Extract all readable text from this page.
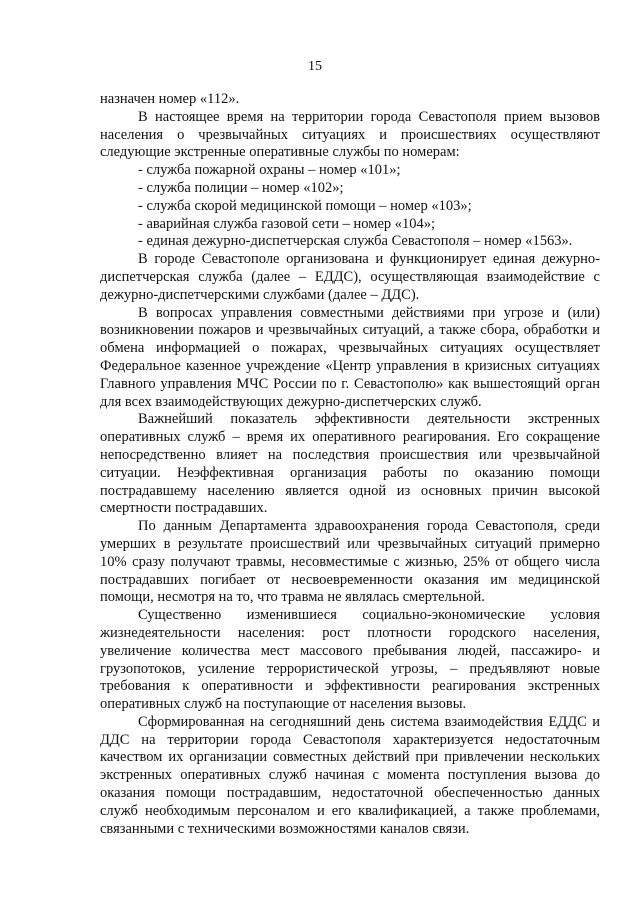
15

назначен номер «112».

В настоящее время на территории города Севастополя прием вызовов населения о чрезвычайных ситуациях и происшествиях осуществляют следующие экстренные оперативные службы по номерам:

- служба пожарной охраны – номер «101»;
- служба полиции – номер «102»;
- служба скорой медицинской помощи – номер «103»;
- аварийная служба газовой сети – номер «104»;
- единая дежурно-диспетчерская служба Севастополя – номер «1563».

В городе Севастополе организована и функционирует единая дежурно-диспетчерская служба (далее – ЕДДС), осуществляющая взаимодействие с дежурно-диспетчерскими службами (далее – ДДС).

В вопросах управления совместными действиями при угрозе и (или) возникновении пожаров и чрезвычайных ситуаций, а также сбора, обработки и обмена информацией о пожарах, чрезвычайных ситуациях осуществляет Федеральное казенное учреждение «Центр управления в кризисных ситуациях Главного управления МЧС России по г. Севастополю» как вышестоящий орган для всех взаимодействующих дежурно-диспетчерских служб.

Важнейший показатель эффективности деятельности экстренных оперативных служб – время их оперативного реагирования. Его сокращение непосредственно влияет на последствия происшествия или чрезвычайной ситуации. Неэффективная организация работы по оказанию помощи пострадавшему населению является одной из основных причин высокой смертности пострадавших.

По данным Департамента здравоохранения города Севастополя, среди умерших в результате происшествий или чрезвычайных ситуаций примерно 10% сразу получают травмы, несовместимые с жизнью, 25% от общего числа пострадавших погибает от несвоевременности оказания им медицинской помощи, несмотря на то, что травма не являлась смертельной.

Существенно изменившиеся социально-экономические условия жизнедеятельности населения: рост плотности городского населения, увеличение количества мест массового пребывания людей, пассажиро- и грузопотоков, усиление террористической угрозы, – предъявляют новые требования к оперативности и эффективности реагирования экстренных оперативных служб на поступающие от населения вызовы.

Сформированная на сегодняшний день система взаимодействия ЕДДС и ДДС на территории города Севастополя характеризуется недостаточным качеством их организации совместных действий при привлечении нескольких экстренных оперативных служб начиная с момента поступления вызова до оказания помощи пострадавшим, недостаточной обеспеченностью данных служб необходимым персоналом и его квалификацией, а также проблемами, связанными с техническими возможностями каналов связи.
